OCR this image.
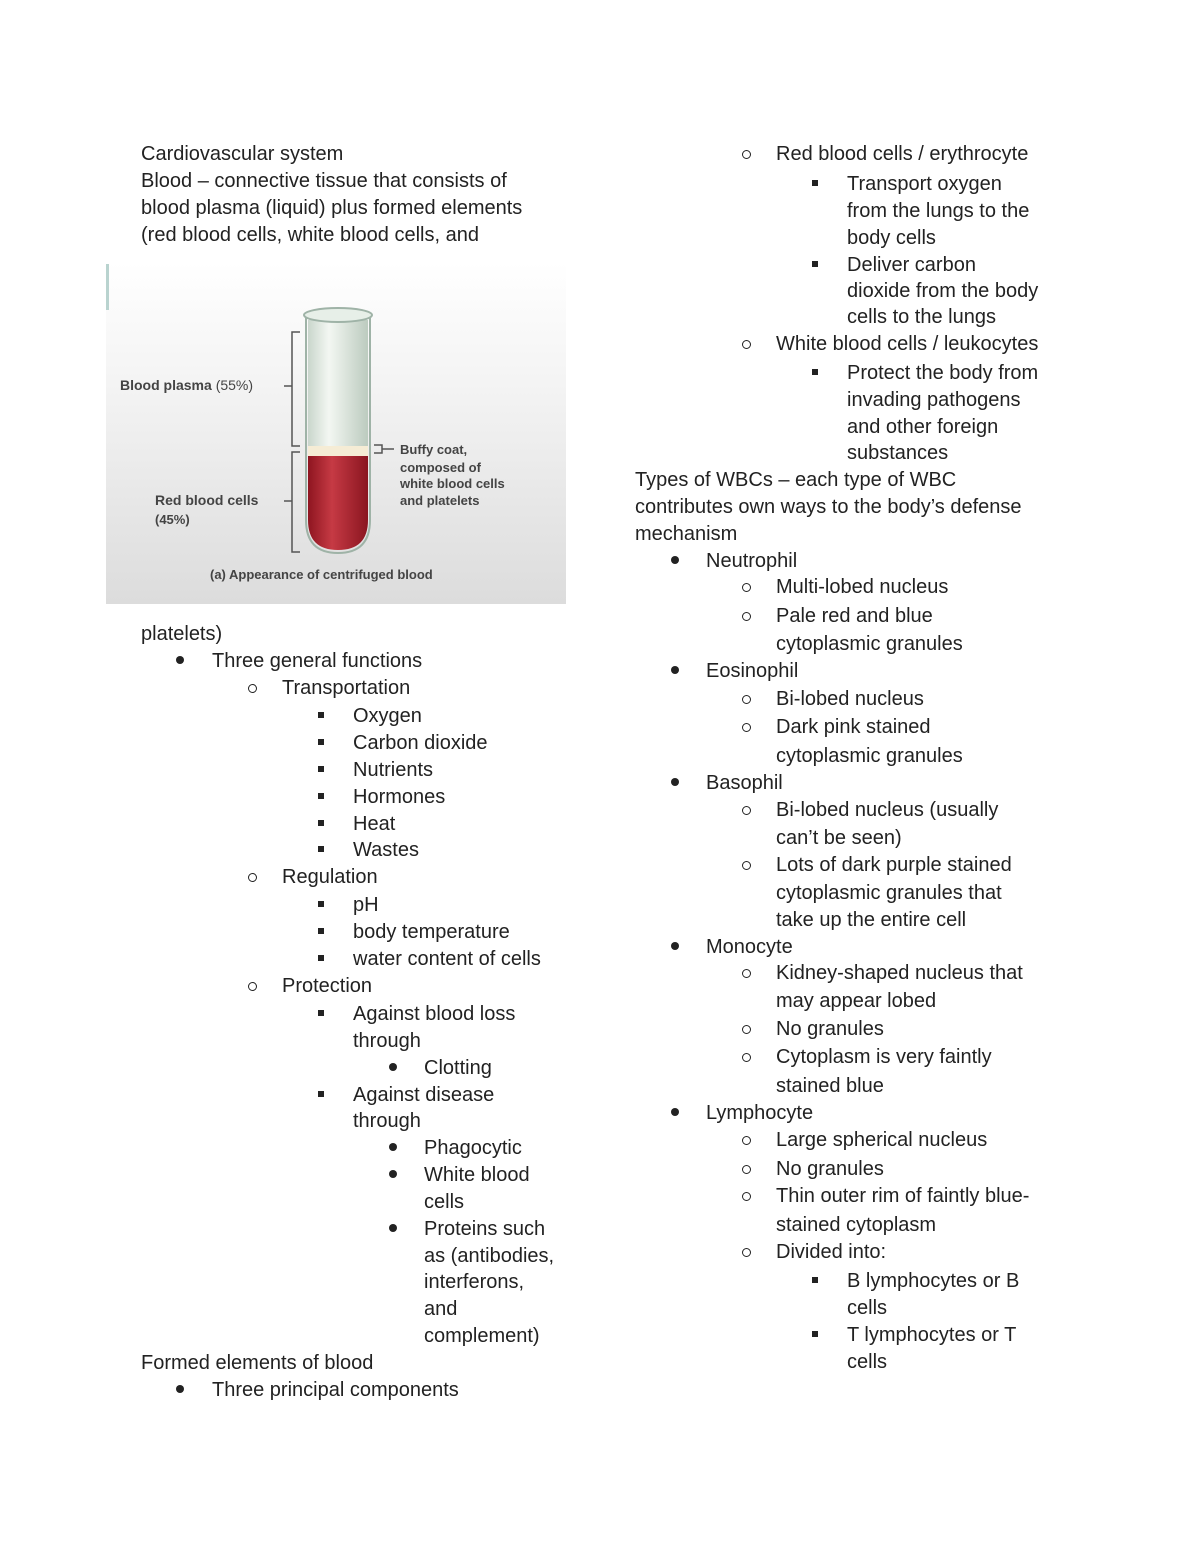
Cardiovascular system
Blood – connective tissue that consists of
blood plasma (liquid) plus formed elements
(red blood cells, white blood cells, and
Blood plasma (55%)
Red blood cells
(45%)
Buffy coat,
composed of
white blood cells
and platelets
(a) Appearance of centrifuged blood
platelets)
Three general functions
Transportation
Oxygen
Carbon dioxide
Nutrients
Hormones
Heat
Wastes
Regulation
pH
body temperature
water content of cells
Protection
Against blood loss
through
Clotting
Against disease
through
Phagocytic
White blood
cells
Proteins such
as (antibodies,
interferons,
and
complement)
Formed elements of blood
Three principal components
Red blood cells / erythrocyte
Transport oxygen
from the lungs to the
body cells
Deliver carbon
dioxide from the body
cells to the lungs
White blood cells / leukocytes
Protect the body from
invading pathogens
and other foreign
substances
Types of WBCs – each type of WBC
contributes own ways to the body’s defense
mechanism
Neutrophil
Multi-lobed nucleus
Pale red and blue
cytoplasmic granules
Eosinophil
Bi-lobed nucleus
Dark pink stained
cytoplasmic granules
Basophil
Bi-lobed nucleus (usually
can’t be seen)
Lots of dark purple stained
cytoplasmic granules that
take up the entire cell
Monocyte
Kidney-shaped nucleus that
may appear lobed
No granules
Cytoplasm is very faintly
stained blue
Lymphocyte
Large spherical nucleus
No granules
Thin outer rim of faintly blue-
stained cytoplasm
Divided into:
B lymphocytes or B
cells
T lymphocytes or T
cells
